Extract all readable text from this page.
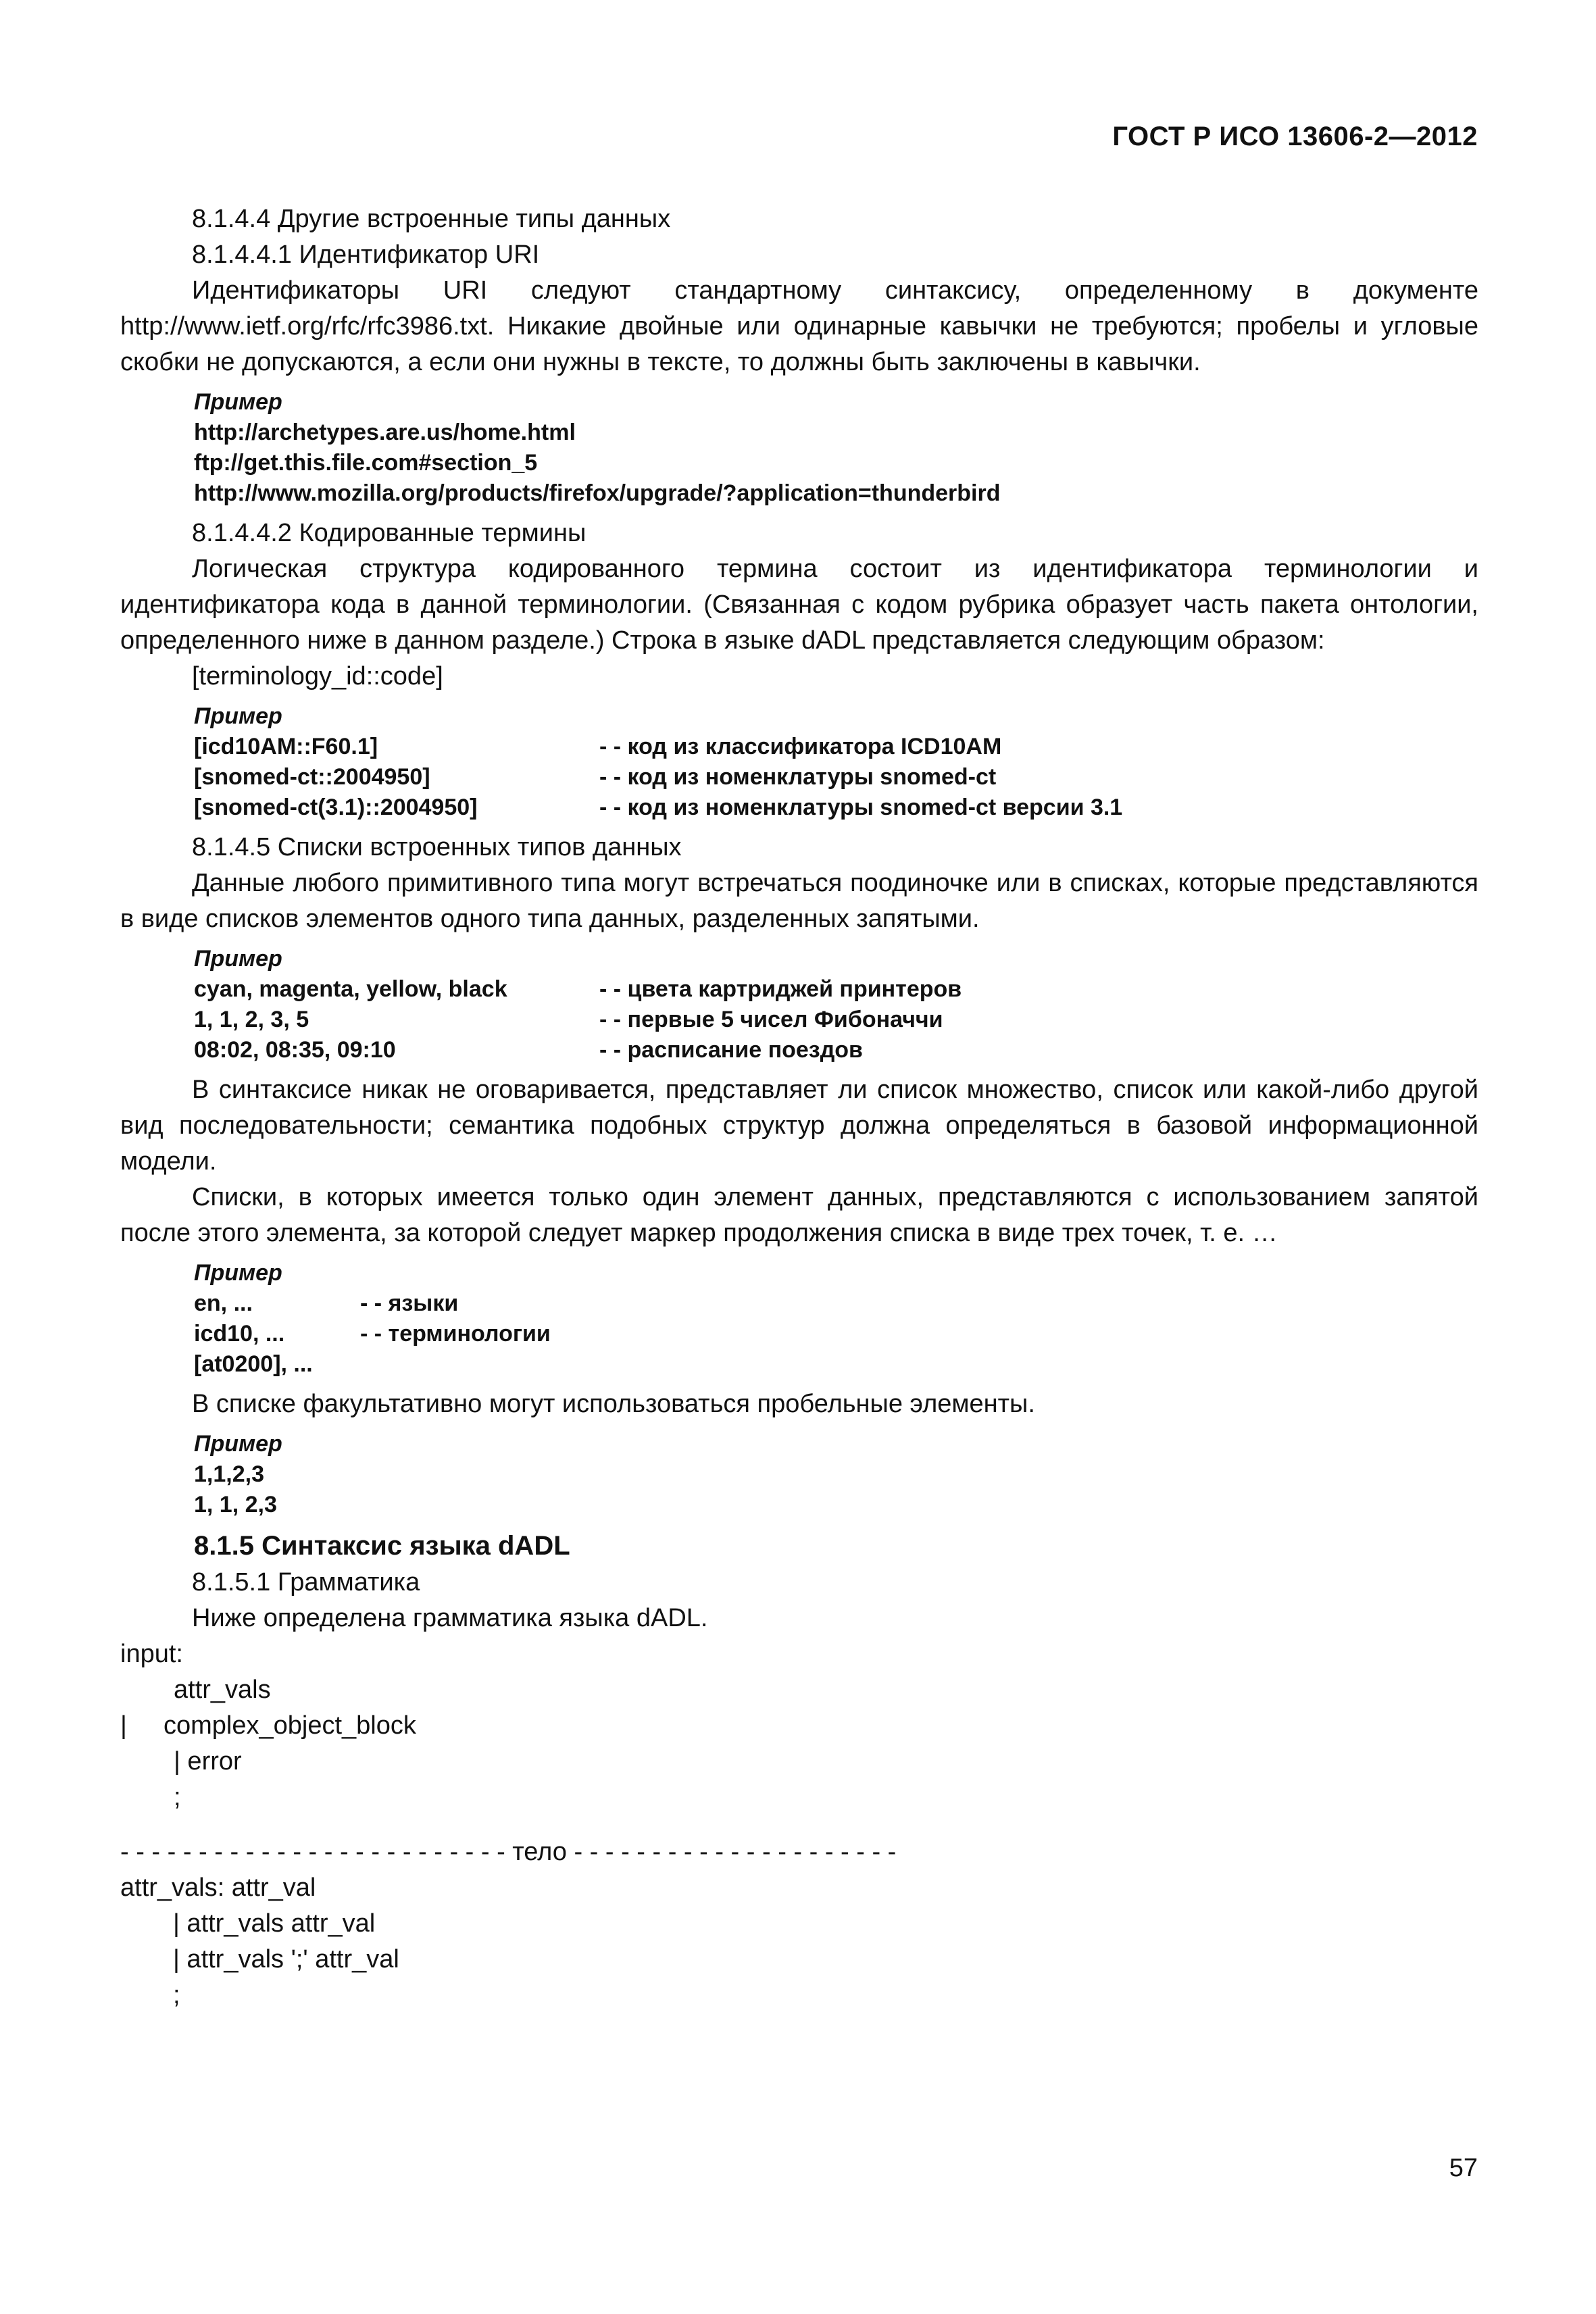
ГОСТ Р ИСО 13606-2—2012

8.1.4.4 Другие встроенные типы данных

8.1.4.4.1 Идентификатор URI

Идентификаторы URI следуют стандартному синтаксису, определенному в документе http://www.ietf.org/rfc/rfc3986.txt. Никакие двойные или одинарные кавычки не требуются; пробелы и угловые скобки не допускаются, а если они нужны в тексте, то должны быть заключены в кавычки.

Пример
http://archetypes.are.us/home.html
ftp://get.this.file.com#section_5
http://www.mozilla.org/products/firefox/upgrade/?application=thunderbird

8.1.4.4.2 Кодированные термины

Логическая структура кодированного термина состоит из идентификатора терминологии и идентификатора кода в данной терминологии. (Связанная с кодом рубрика образует часть пакета онтологии, определенного ниже в данном разделе.) Строка в языке dADL представляется следующим образом:

[terminology_id::code]

Пример
[icd10AM::F60.1]	- - код из классификатора ICD10AM
[snomed-ct::2004950]	- - код из номенклатуры snomed-ct
[snomed-ct(3.1)::2004950]	- - код из номенклатуры snomed-ct версии 3.1

8.1.4.5 Списки встроенных типов данных

Данные любого примитивного типа могут встречаться поодиночке или в списках, которые представляются в виде списков элементов одного типа данных, разделенных запятыми.

Пример
cyan, magenta, yellow, black	- - цвета картриджей принтеров
1, 1, 2, 3, 5	- - первые 5 чисел Фибоначчи
08:02, 08:35, 09:10	- - расписание поездов

В синтаксисе никак не оговаривается, представляет ли список множество, список или какой-либо другой вид последовательности; семантика подобных структур должна определяться в базовой информационной модели.

Списки, в которых имеется только один элемент данных, представляются с использованием запятой после этого элемента, за которой следует маркер продолжения списка в виде трех точек, т. е. …

Пример
en, ...	- - языки
icd10, ...	- - терминологии
[at0200], ...

В списке факультативно могут использоваться пробельные элементы.

Пример
1,1,2,3
1, 1, 2,3
8.1.5 Синтаксис языка dADL

8.1.5.1 Грамматика

Ниже определена грамматика языка dADL.

input:
attr_vals
|	complex_object_block
| error
;
- - - - - - - - - - - - - - - - - - - - - - - - - тело - - - - - - - - - - - - - - - - - - - - -
attr_vals: attr_val
| attr_vals attr_val
| attr_vals ';' attr_val
;
57
